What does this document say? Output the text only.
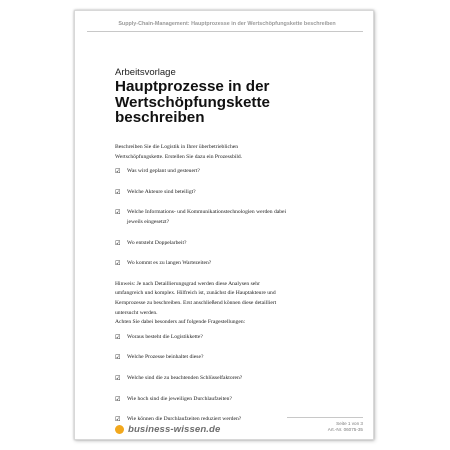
Supply-Chain-Management: Hauptprozesse in der Wertschöpfungskette beschreiben
Arbeitsvorlage
Hauptprozesse in der
Wertschöpfungskette
beschreiben

Beschreiben Sie die Logistik in Ihrer überbetrieblichen
Wertschöpfungskette. Erstellen Sie dazu ein Prozessbild.

☑ Was wird geplant und gesteuert?
☑ Welche Akteure sind beteiligt?
☑ Welche Informations- und Kommunikationstechnologien werden dabei
jeweils eingesetzt?
☑ Wo entsteht Doppelarbeit?
☑ Wo kommt es zu langen Wartezeiten?

Hinweis: Je nach Detaillierungsgrad werden diese Analysen sehr
umfangreich und komplex. Hilfreich ist, zunächst die Hauptakteure und
Kernprozesse zu beschreiben. Erst anschließend können diese detailliert
untersucht werden.

Achten Sie dabei besonders auf folgende Fragestellungen:

☑ Woraus besteht die Logistikkette?
☑ Welche Prozesse beinhaltet diese?
☑ Welche sind die zu beachtenden Schlüsselfaktoren?
☑ Wie hoch sind die jeweiligen Durchlaufzeiten?
☑ Wie können die Durchlaufzeiten reduziert werden?
business-wissen.de
Seite 1 von 3
Art.-Nr. 06075-35
